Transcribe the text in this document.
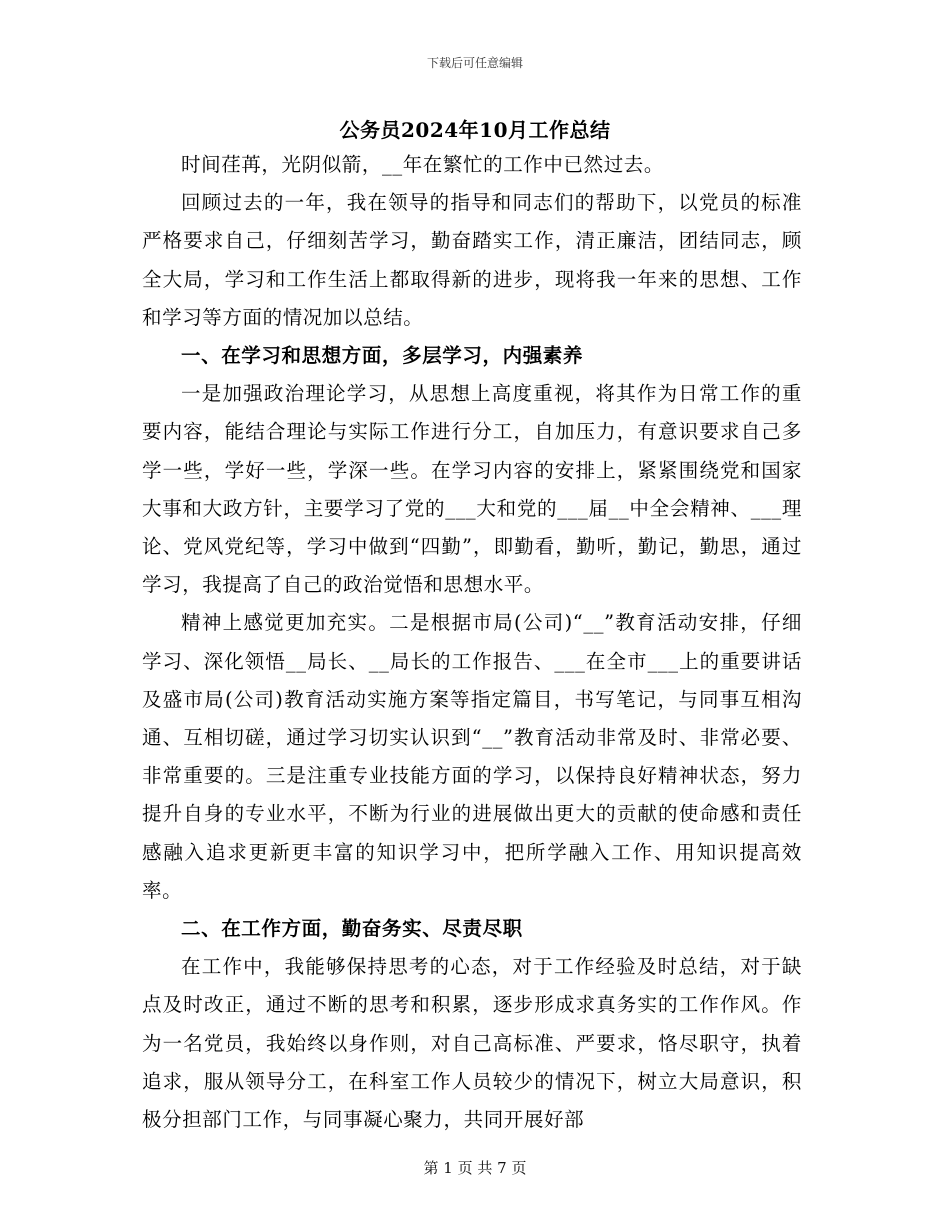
下载后可任意编辑
公务员2024年10月工作总结

时间荏苒，光阴似箭，__年在繁忙的工作中已然过去。

回顾过去的一年，我在领导的指导和同志们的帮助下，以党员的标准严格要求自己，仔细刻苦学习，勤奋踏实工作，清正廉洁，团结同志，顾全大局，学习和工作生活上都取得新的进步，现将我一年来的思想、工作和学习等方面的情况加以总结。

一、在学习和思想方面，多层学习，内强素养

一是加强政治理论学习，从思想上高度重视，将其作为日常工作的重要内容，能结合理论与实际工作进行分工，自加压力，有意识要求自己多学一些，学好一些，学深一些。在学习内容的安排上，紧紧围绕党和国家大事和大政方针，主要学习了党的___大和党的___届__中全会精神、___理论、党风党纪等，学习中做到“四勤”，即勤看，勤听，勤记，勤思，通过学习，我提高了自己的政治觉悟和思想水平。

精神上感觉更加充实。二是根据市局(公司)“__”教育活动安排，仔细学习、深化领悟__局长、__局长的工作报告、___在全市___上的重要讲话及盛市局(公司)教育活动实施方案等指定篇目，书写笔记，与同事互相沟通、互相切磋，通过学习切实认识到“__”教育活动非常及时、非常必要、非常重要的。三是注重专业技能方面的学习，以保持良好精神状态，努力提升自身的专业水平，不断为行业的进展做出更大的贡献的使命感和责任感融入追求更新更丰富的知识学习中，把所学融入工作、用知识提高效率。

二、在工作方面，勤奋务实、尽责尽职

在工作中，我能够保持思考的心态，对于工作经验及时总结，对于缺点及时改正，通过不断的思考和积累，逐步形成求真务实的工作作风。作为一名党员，我始终以身作则，对自己高标准、严要求，恪尽职守，执着追求，服从领导分工，在科室工作人员较少的情况下，树立大局意识，积极分担部门工作，与同事凝心聚力，共同开展好部

第 1 页 共 7 页
